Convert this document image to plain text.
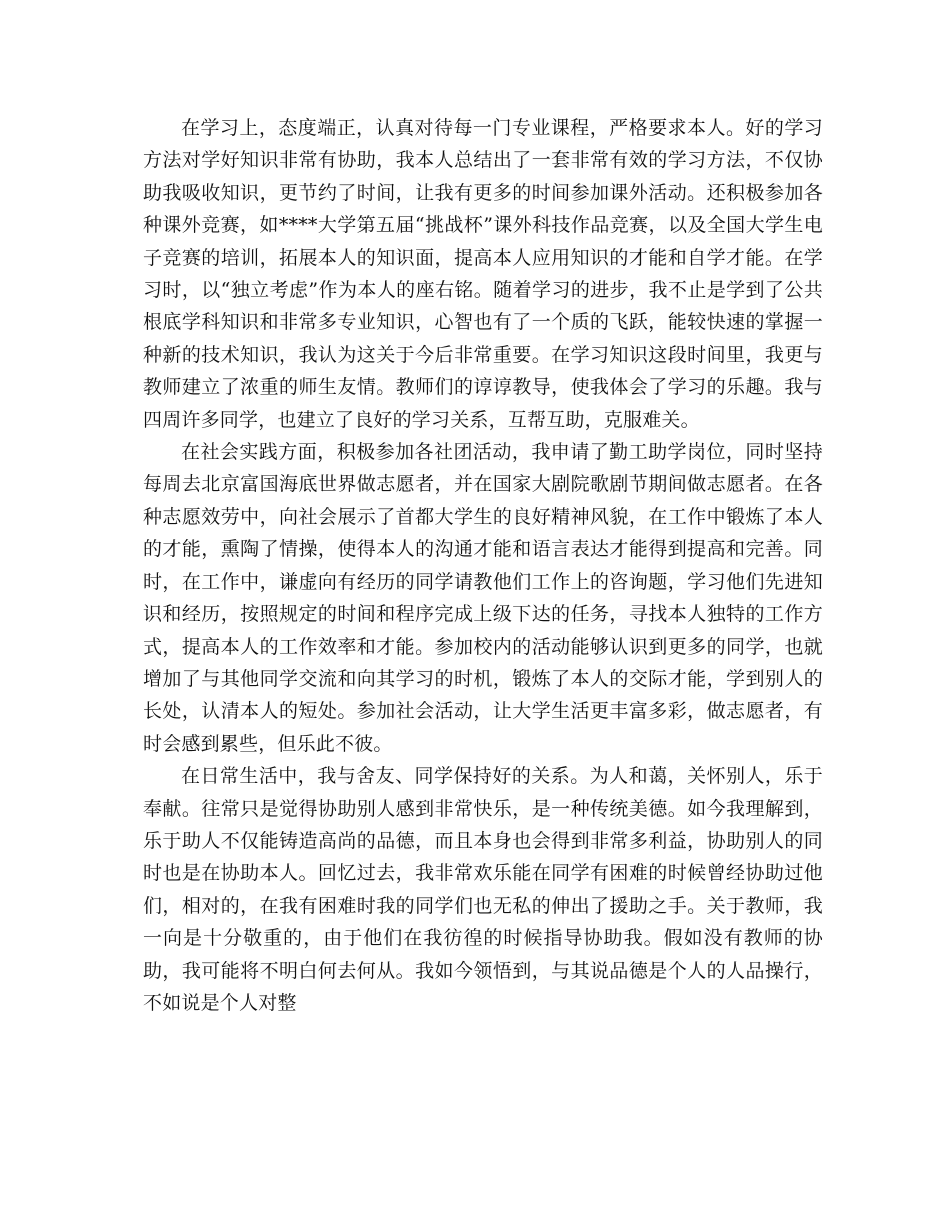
在学习上，态度端正，认真对待每一门专业课程，严格要求本人。好的学习方法对学好知识非常有协助，我本人总结出了一套非常有效的学习方法，不仅协助我吸收知识，更节约了时间，让我有更多的时间参加课外活动。还积极参加各种课外竞赛，如****大学第五届“挑战杯”课外科技作品竞赛，以及全国大学生电子竞赛的培训，拓展本人的知识面，提高本人应用知识的才能和自学才能。在学习时，以“独立考虑”作为本人的座右铭。随着学习的进步，我不止是学到了公共根底学科知识和非常多专业知识，心智也有了一个质的飞跃，能较快速的掌握一种新的技术知识，我认为这关于今后非常重要。在学习知识这段时间里，我更与教师建立了浓重的师生友情。教师们的谆谆教导，使我体会了学习的乐趣。我与四周许多同学，也建立了良好的学习关系，互帮互助，克服难关。

在社会实践方面，积极参加各社团活动，我申请了勤工助学岗位，同时坚持每周去北京富国海底世界做志愿者，并在国家大剧院歌剧节期间做志愿者。在各种志愿效劳中，向社会展示了首都大学生的良好精神风貌，在工作中锻炼了本人的才能，熏陶了情操，使得本人的沟通才能和语言表达才能得到提高和完善。同时，在工作中，谦虚向有经历的同学请教他们工作上的咨询题，学习他们先进知识和经历，按照规定的时间和程序完成上级下达的任务，寻找本人独特的工作方式，提高本人的工作效率和才能。参加校内的活动能够认识到更多的同学，也就增加了与其他同学交流和向其学习的时机，锻炼了本人的交际才能，学到别人的长处，认清本人的短处。参加社会活动，让大学生活更丰富多彩，做志愿者，有时会感到累些，但乐此不彼。

在日常生活中，我与舍友、同学保持好的关系。为人和蔼，关怀别人，乐于奉献。往常只是觉得协助别人感到非常快乐，是一种传统美德。如今我理解到，乐于助人不仅能铸造高尚的品德，而且本身也会得到非常多利益，协助别人的同时也是在协助本人。回忆过去，我非常欢乐能在同学有困难的时候曾经协助过他们，相对的，在我有困难时我的同学们也无私的伸出了援助之手。关于教师，我一向是十分敬重的，由于他们在我彷徨的时候指导协助我。假如没有教师的协助，我可能将不明白何去何从。我如今领悟到，与其说品德是个人的人品操行，不如说是个人对整
